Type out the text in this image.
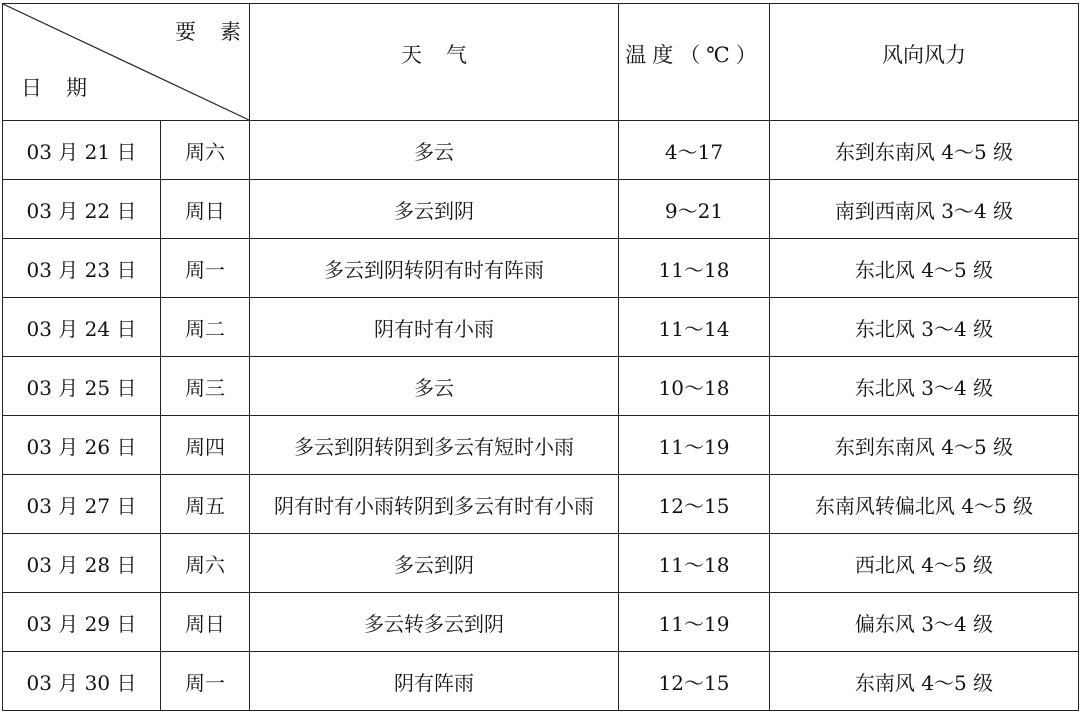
要素
日期		天气	温度（℃）	风向风力
03 月 21 日	周六	多云	4～17	东到东南风 4～5 级
03 月 22 日	周日	多云到阴	9～21	南到西南风 3～4 级
03 月 23 日	周一	多云到阴转阴有时有阵雨	11～18	东北风 4～5 级
03 月 24 日	周二	阴有时有小雨	11～14	东北风 3～4 级
03 月 25 日	周三	多云	10～18	东北风 3～4 级
03 月 26 日	周四	多云到阴转阴到多云有短时小雨	11～19	东到东南风 4～5 级
03 月 27 日	周五	阴有时有小雨转阴到多云有时有小雨	12～15	东南风转偏北风 4～5 级
03 月 28 日	周六	多云到阴	11～18	西北风 4～5 级
03 月 29 日	周日	多云转多云到阴	11～19	偏东风 3～4 级
03 月 30 日	周一	阴有阵雨	12～15	东南风 4～5 级
